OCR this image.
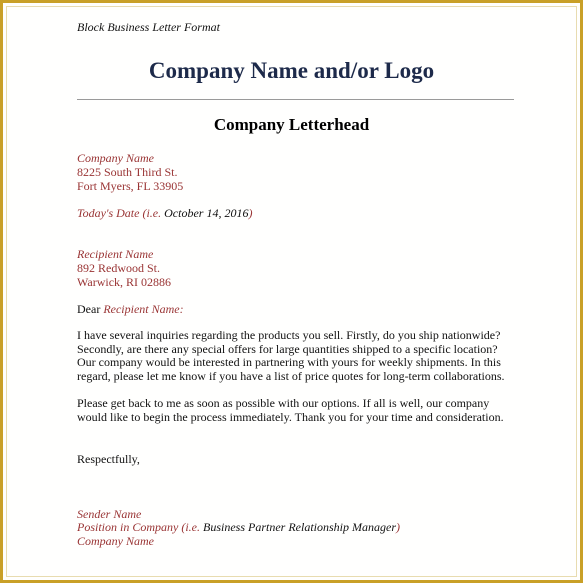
Block Business Letter Format
Company Name and/or Logo
Company Letterhead
Company Name
8225 South Third St.
Fort Myers, FL 33905
Today's Date (i.e. October 14, 2016)
Recipient Name
892 Redwood St.
Warwick, RI 02886
Dear Recipient Name:
I have several inquiries regarding the products you sell. Firstly, do you ship nationwide?
Secondly, are there any special offers for large quantities shipped to a specific location?
Our company would be interested in partnering with yours for weekly shipments. In this
regard, please let me know if you have a list of price quotes for long-term collaborations.
Please get back to me as soon as possible with our options. If all is well, our company
would like to begin the process immediately. Thank you for your time and consideration.
Respectfully,
Sender Name
Position in Company (i.e. Business Partner Relationship Manager)
Company Name
